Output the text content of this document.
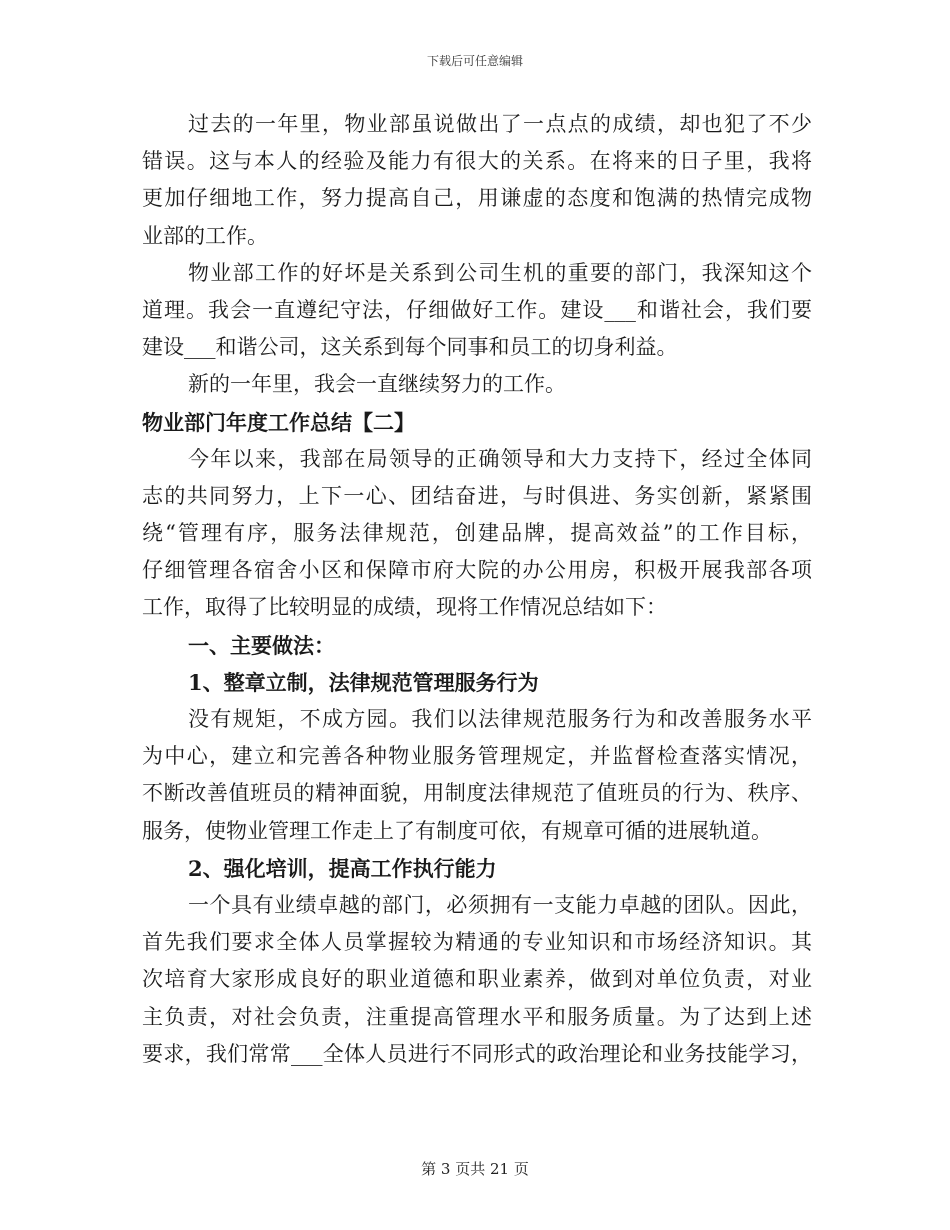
下载后可任意编辑
过去的一年里，物业部虽说做出了一点点的成绩，却也犯了不少
错误。这与本人的经验及能力有很大的关系。在将来的日子里，我将
更加仔细地工作，努力提高自己，用谦虚的态度和饱满的热情完成物
业部的工作。
物业部工作的好坏是关系到公司生机的重要的部门，我深知这个
道理。我会一直遵纪守法，仔细做好工作。建设___和谐社会，我们要
建设___和谐公司，这关系到每个同事和员工的切身利益。
新的一年里，我会一直继续努力的工作。
物业部门年度工作总结【二】
今年以来，我部在局领导的正确领导和大力支持下，经过全体同
志的共同努力，上下一心、团结奋进，与时俱进、务实创新，紧紧围
绕“管理有序，服务法律规范，创建品牌，提高效益”的工作目标，
仔细管理各宿舍小区和保障市府大院的办公用房，积极开展我部各项
工作，取得了比较明显的成绩，现将工作情况总结如下：
一、主要做法：
1、整章立制，法律规范管理服务行为
没有规矩，不成方园。我们以法律规范服务行为和改善服务水平
为中心，建立和完善各种物业服务管理规定，并监督检查落实情况，
不断改善值班员的精神面貌，用制度法律规范了值班员的行为、秩序、
服务，使物业管理工作走上了有制度可依，有规章可循的进展轨道。
2、强化培训，提高工作执行能力
一个具有业绩卓越的部门，必须拥有一支能力卓越的团队。因此，
首先我们要求全体人员掌握较为精通的专业知识和市场经济知识。其
次培育大家形成良好的职业道德和职业素养，做到对单位负责，对业
主负责，对社会负责，注重提高管理水平和服务质量。为了达到上述
要求，我们常常___全体人员进行不同形式的政治理论和业务技能学习，
第 3 页共 21 页
